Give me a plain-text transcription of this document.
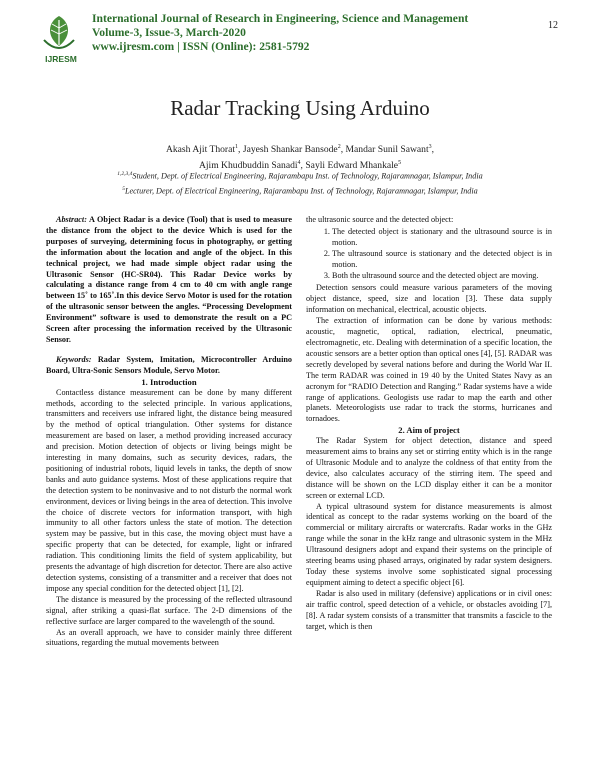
IJRESM
International Journal of Research in Engineering, Science and Management
Volume-3, Issue-3, March-2020
www.ijresm.com | ISSN (Online): 2581-5792
12
Radar Tracking Using Arduino
Akash Ajit Thorat$^1$, Jayesh Shankar Bansode$^2$, Mandar Sunil Sawant$^3$,
Ajim Khudbuddin Sanadi$^4$, Sayli Edward Mhankale$^5$
$^{1,2,3,4}$Student, Dept. of Electrical Engineering, Rajarambapu Inst. of Technology, Rajaramnagar, Islampur, India
$^5$Lecturer, Dept. of Electrical Engineering, Rajarambapu Inst. of Technology, Rajaramnagar, Islampur, India

Abstract: A Object Radar is a device (Tool) that is used to measure the distance from the object to the device Which is used for the purposes of surveying, determining focus in photography, or getting the information about the location and angle of the object. In this technical project, we had made simple object radar using the Ultrasonic Sensor (HC-SR04). This Radar Device works by calculating a distance range from 4 cm to 40 cm with angle range between 15˚ to 165˚.In this device Servo Motor is used for the rotation of the ultrasonic sensor between the angles. “Processing Development Environment” software is used to demonstrate the result on a PC Screen after processing the information received by the Ultrasonic Sensor.

Keywords: Radar System, Imitation, Microcontroller Arduino Board, Ultra-Sonic Sensors Module, Servo Motor.

1. Introduction

Contactless distance measurement can be done by many different methods, according to the selected principle. In various applications, transmitters and receivers use infrared light, the distance being measured by the method of optical triangulation. Other systems for distance measurement are based on laser, a method providing increased accuracy and precision. Motion detection of objects or living beings might be interesting in many domains, such as security devices, radars, the positioning of industrial robots, liquid levels in tanks, the depth of snow banks and auto guidance systems. Most of these applications require that the detection system to be noninvasive and to not disturb the normal work environment, devices or living beings in the area of detection. This involve the choice of discrete vectors for information transport, with high immunity to all other factors unless the state of motion. The detection system may be passive, but in this case, the moving object must have a specific property that can be detected, for example, light or infrared radiation. This conditioning limits the field of system applicability, but presents the advantage of high discretion for detector. There are also active detection systems, consisting of a transmitter and a receiver that does not impose any special condition for the detected object [1], [2].

The distance is measured by the processing of the reflected ultrasound signal, after striking a quasi-flat surface. The 2-D dimensions of the reflective surface are larger compared to the wavelength of the sound.

As an overall approach, we have to consider mainly three different situations, regarding the mutual movements between

the ultrasonic source and the detected object:

1. The detected object is stationary and the ultrasound source is in motion.
2. The ultrasound source is stationary and the detected object is in motion.
3. Both the ultrasound source and the detected object are moving.

Detection sensors could measure various parameters of the moving object distance, speed, size and location [3]. These data supply information on mechanical, electrical, acoustic objects.

The extraction of information can be done by various methods: acoustic, magnetic, optical, radiation, electrical, pneumatic, electromagnetic, etc. Dealing with determination of a specific location, the acoustic sensors are a better option than optical ones [4], [5]. RADAR was secretly developed by several nations before and during the World War II. The term RADAR was coined in 19 40 by the United States Navy as an acronym for “RADIO Detection and Ranging.” Radar systems have a wide range of applications. Geologists use radar to map the earth and other planets. Meteorologists use radar to track the storms, hurricanes and tornadoes.

2. Aim of project

The Radar System for object detection, distance and speed measurement aims to brains any set or stirring entity which is in the range of Ultrasonic Module and to analyze the coldness of that entity from the device, also calculates accuracy of the stirring item. The speed and distance will be shown on the LCD display either it can be a monitor screen or external LCD.

A typical ultrasound system for distance measurements is almost identical as concept to the radar systems working on the board of the commercial or military aircrafts or watercrafts. Radar works in the GHz range while the sonar in the kHz range and ultrasonic system in the MHz Ultrasound designers adopt and expand their systems on the principle of steering beams using phased arrays, originated by radar system designers. Today these systems involve some sophisticated signal processing equipment aiming to detect a specific object [6].

Radar is also used in military (defensive) applications or in civil ones: air traffic control, speed detection of a vehicle, or obstacles avoiding [7], [8]. A radar system consists of a transmitter that transmits a fascicle to the target, which is then
